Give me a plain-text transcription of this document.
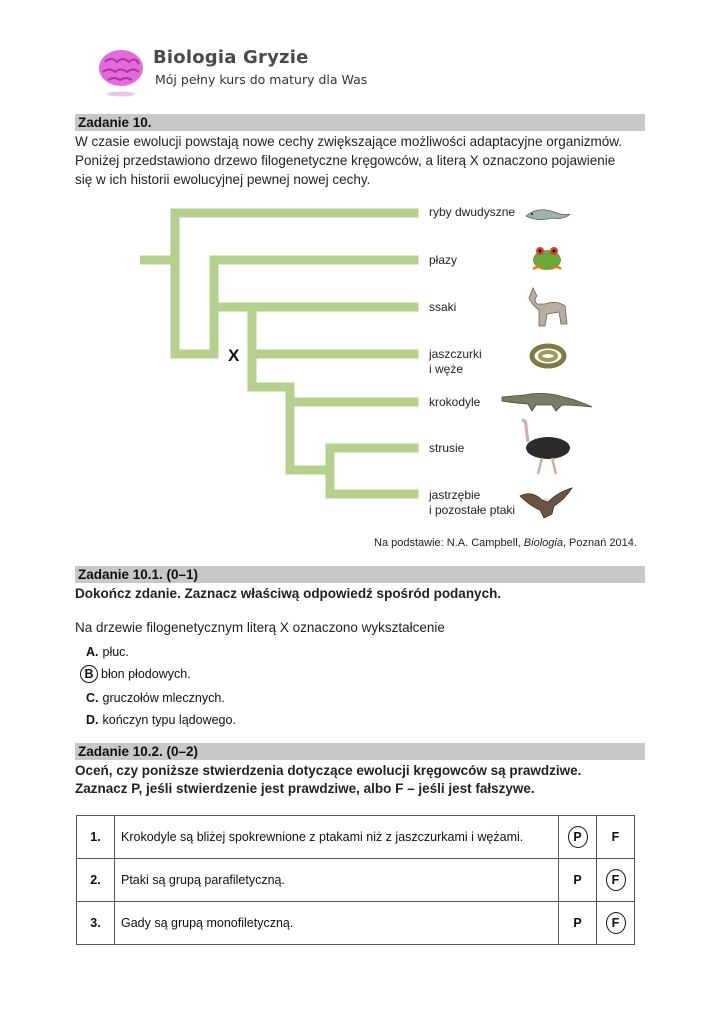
Biologia Gryzie
Mój pełny kurs do matury dla Was
Zadanie 10.
W czasie ewolucji powstają nowe cechy zwiększające możliwości adaptacyjne organizmów.
Poniżej przedstawiono drzewo filogenetyczne kręgowców, a literą X oznaczono pojawienie
się w ich historii ewolucyjnej pewnej nowej cechy.
X
ryby dwudyszne
płazy
ssaki
jaszczurki
i węże
krokodyle
strusie
jastrzębie
i pozostałe ptaki
Na podstawie: N.A. Campbell, Biologia, Poznań 2014.
Zadanie 10.1. (0–1)
Dokończ zdanie. Zaznacz właściwą odpowiedź spośród podanych.
Na drzewie filogenetycznym literą X oznaczono wykształcenie
A. płuc.
B błon płodowych.
C. gruczołów mlecznych.
D. kończyn typu lądowego.
Zadanie 10.2. (0–2)
Oceń, czy poniższe stwierdzenia dotyczące ewolucji kręgowców są prawdziwe.
Zaznacz P, jeśli stwierdzenie jest prawdziwe, albo F – jeśli jest fałszywe.
1.	Krokodyle są bliżej spokrewnione z ptakami niż z jaszczurkami i wężami.	P	F
2.	Ptaki są grupą parafiletyczną.	P	F
3.	Gady są grupą monofiletyczną.	P	F
